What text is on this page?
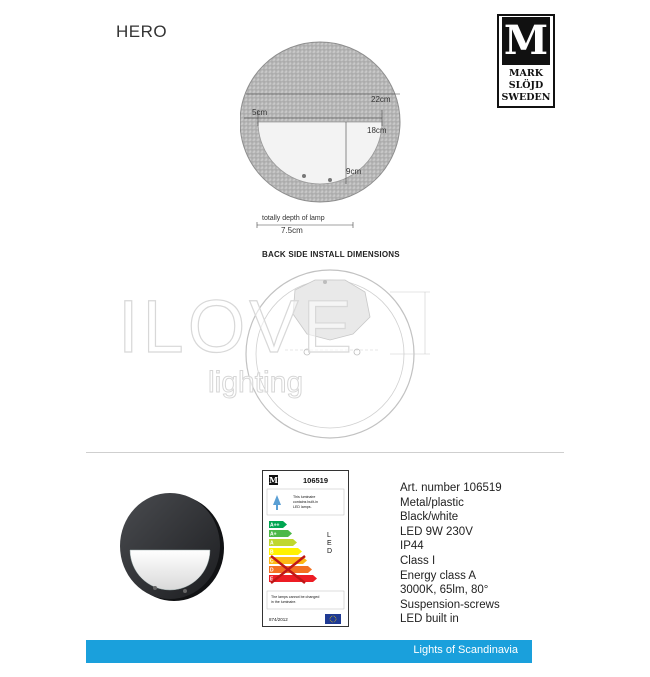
HERO	M
MARK
SLÖJD
SWEDEN
22cm
5cm
18cm
9cm
totally depth of lamp
7.5cm
BACK SIDE INSTALL DIMENSIONS
ILOVE
lighting
M	106519
This luminaire
contains built-in
LED lamps.
A++
A+
A
B
C
D
E
L
E
D
The lamps cannot be changed
in the luminaire.
874/2012
Art. number 106519
Metal/plastic
Black/white
LED 9W 230V
IP44
Class I
Energy class A
3000K, 65lm, 80°
Suspension-screws
LED built in
Lights of Scandinavia
